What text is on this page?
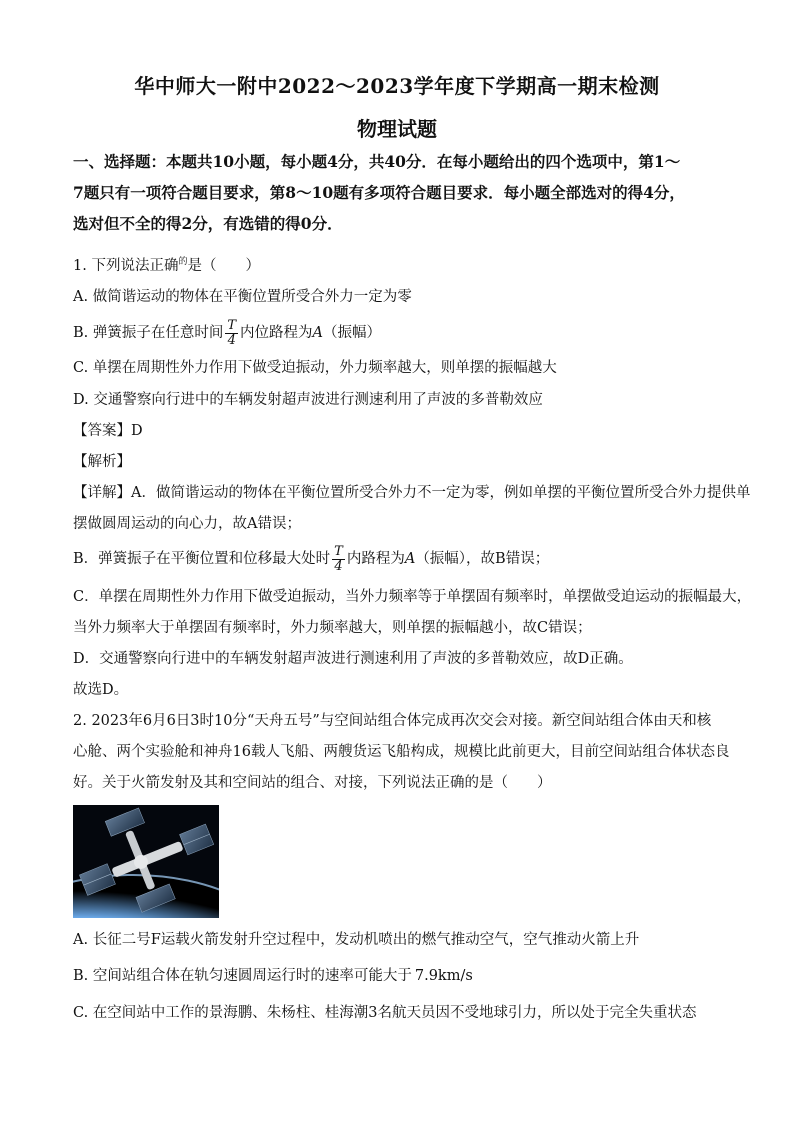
华中师大一附中2022～2023学年度下学期高一期末检测
物理试题
一、选择题：本题共10小题，每小题4分，共40分．在每小题给出的四个选项中，第1～
7题只有一项符合题目要求，第8～10题有多项符合题目要求．每小题全部选对的得4分，
选对但不全的得2分，有选错的得0分．
1. 下列说法正确$^的$是（　　）
A. 做简谐运动的物体在平衡位置所受合外力一定为零
B. 弹簧振子在任意时间 $\frac{T}{4}$ 内位路程为A（振幅）
C. 单摆在周期性外力作用下做受迫振动，外力频率越大，则单摆的振幅越大
D. 交通警察向行进中的车辆发射超声波进行测速利用了声波的多普勒效应
【答案】D
【解析】
【详解】A．做简谐运动的物体在平衡位置所受合外力不一定为零，例如单摆的平衡位置所受合外力提供单
摆做圆周运动的向心力，故A错误；
B．弹簧振子在平衡位置和位移最大处时 $\frac{T}{4}$ 内路程为A（振幅），故B错误；
C．单摆在周期性外力作用下做受迫振动，当外力频率等于单摆固有频率时，单摆做受迫运动的振幅最大，
当外力频率大于单摆固有频率时，外力频率越大，则单摆的振幅越小，故C错误；
D．交通警察向行进中的车辆发射超声波进行测速利用了声波的多普勒效应，故D正确。
故选D。
2. 2023年6月6日3时10分“天舟五号”与空间站组合体完成再次交会对接。新空间站组合体由天和核
心舱、两个实验舱和神舟16载人飞船、两艘货运飞船构成，规模比此前更大，目前空间站组合体状态良
好。关于火箭发射及其和空间站的组合、对接，下列说法正确的是（　　）
A. 长征二号F运载火箭发射升空过程中，发动机喷出的燃气推动空气，空气推动火箭上升
B. 空间站组合体在轨匀速圆周运行时的速率可能大于 7.9km/s
C. 在空间站中工作的景海鹏、朱杨柱、桂海潮3名航天员因不受地球引力，所以处于完全失重状态
